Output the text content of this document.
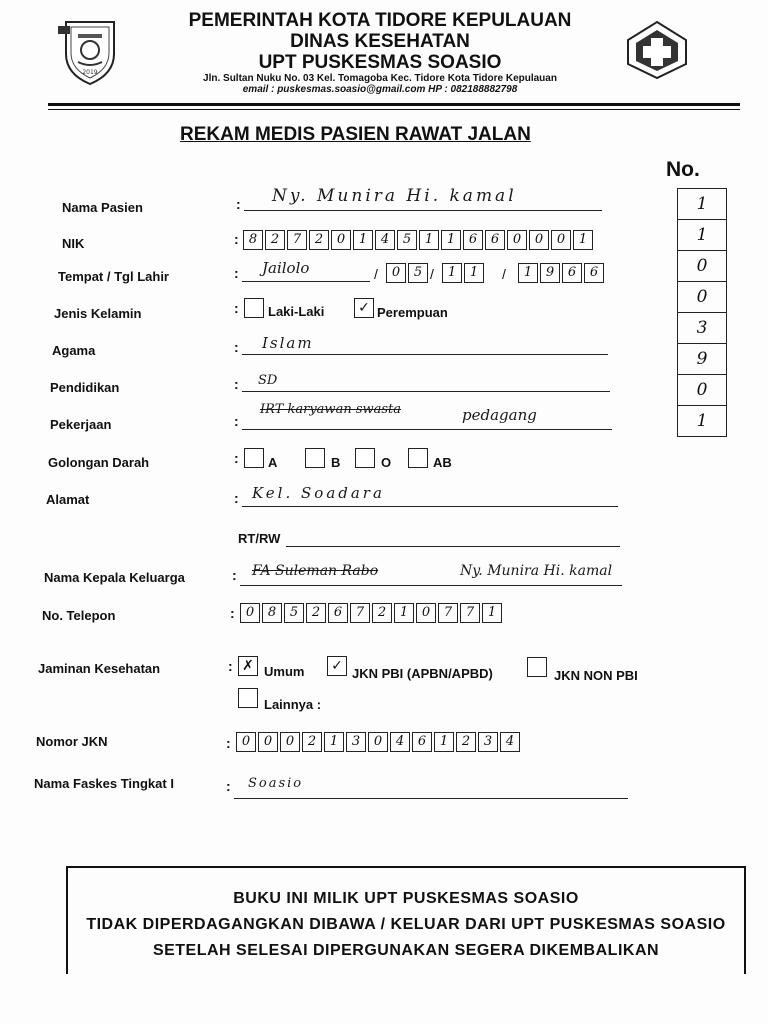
2019
PEMERINTAH KOTA TIDORE KEPULAUAN
DINAS KESEHATAN
UPT PUSKESMAS SOASIO
Jln. Sultan Nuku No. 03 Kel. Tomagoba Kec. Tidore Kota Tidore Kepulauan
email : puskesmas.soasio@gmail.com HP : 082188882798
REKAM MEDIS PASIEN RAWAT JALAN
No.
1
1
0
0
3
9
0
1
Nama Pasien	: Ny. Munira Hi. kamal
NIK	: 8	2	7	2	0	1	4	5	1	1	6	6	0	0	0	1
Tempat / Tgl Lahir	: Jailolo	/	0	5 /	1	1	/	1	9	6	6
Jenis Kelamin	: Laki-Laki ✓ Perempuan
Agama	: Islam
Pendidikan	: SD
Pekerjaan	:
IRT karyawan swasta	pedagang
Golongan Darah	: A	B	O	AB
Alamat	: Kel. Soadara
RT/RW
Nama Kepala Keluarga	: FA Suleman Rabo	Ny. Munira Hi. kamal
No. Telepon	: 0	8	5	2	6	7	2	1	0	7	7	1
Jaminan Kesehatan	: ✗ Umum ✓ JKN PBI (APBN/APBD)	JKN NON PBI
Lainnya :
Nomor JKN	: 0	0	0	2	1	3	0	4	6	1	2	3	4
Nama Faskes Tingkat I	: Soasio
BUKU INI MILIK UPT PUSKESMAS SOASIO
TIDAK DIPERDAGANGKAN DIBAWA / KELUAR DARI UPT PUSKESMAS SOASIO
SETELAH SELESAI DIPERGUNAKAN SEGERA DIKEMBALIKAN
